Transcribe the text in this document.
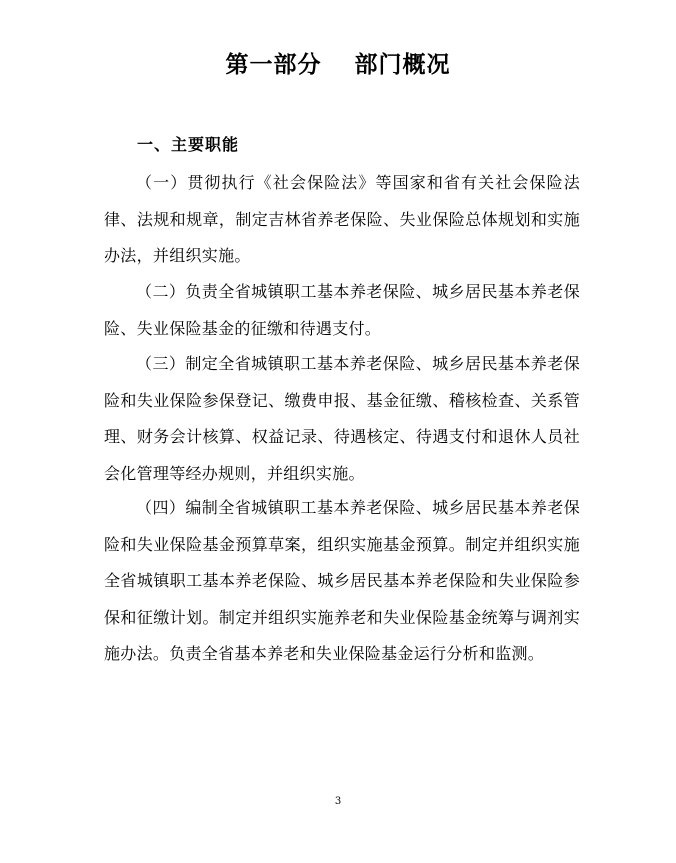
第一部分　 部门概况
一、主要职能

（一）贯彻执行《社会保险法》等国家和省有关社会保险法律、法规和规章，制定吉林省养老保险、失业保险总体规划和实施办法，并组织实施。

（二）负责全省城镇职工基本养老保险、城乡居民基本养老保险、失业保险基金的征缴和待遇支付。

（三）制定全省城镇职工基本养老保险、城乡居民基本养老保险和失业保险参保登记、缴费申报、基金征缴、稽核检查、关系管理、财务会计核算、权益记录、待遇核定、待遇支付和退休人员社会化管理等经办规则，并组织实施。

（四）编制全省城镇职工基本养老保险、城乡居民基本养老保险和失业保险基金预算草案，组织实施基金预算。制定并组织实施全省城镇职工基本养老保险、城乡居民基本养老保险和失业保险参保和征缴计划。制定并组织实施养老和失业保险基金统筹与调剂实施办法。负责全省基本养老和失业保险基金运行分析和监测。

3
